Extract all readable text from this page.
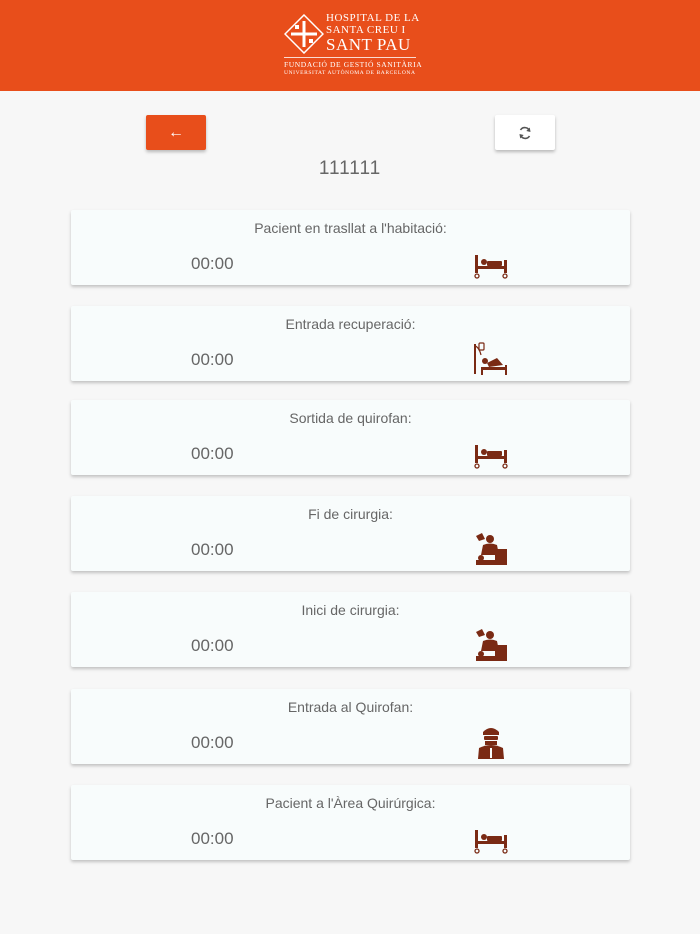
HOSPITAL DE LA
SANTA CREU I
SANT PAU
FUNDACIÓ DE GESTIÓ SANITÀRIA
UNIVERSITAT AUTÒNOMA DE BARCELONA
←
111111
Pacient en trasllat a l'habitació:
00:00
Entrada recuperació:
00:00
Sortida de quirofan:
00:00
Fi de cirurgia:
00:00
Inici de cirurgia:
00:00
Entrada al Quirofan:
00:00
Pacient a l'Àrea Quirúrgica:
00:00
